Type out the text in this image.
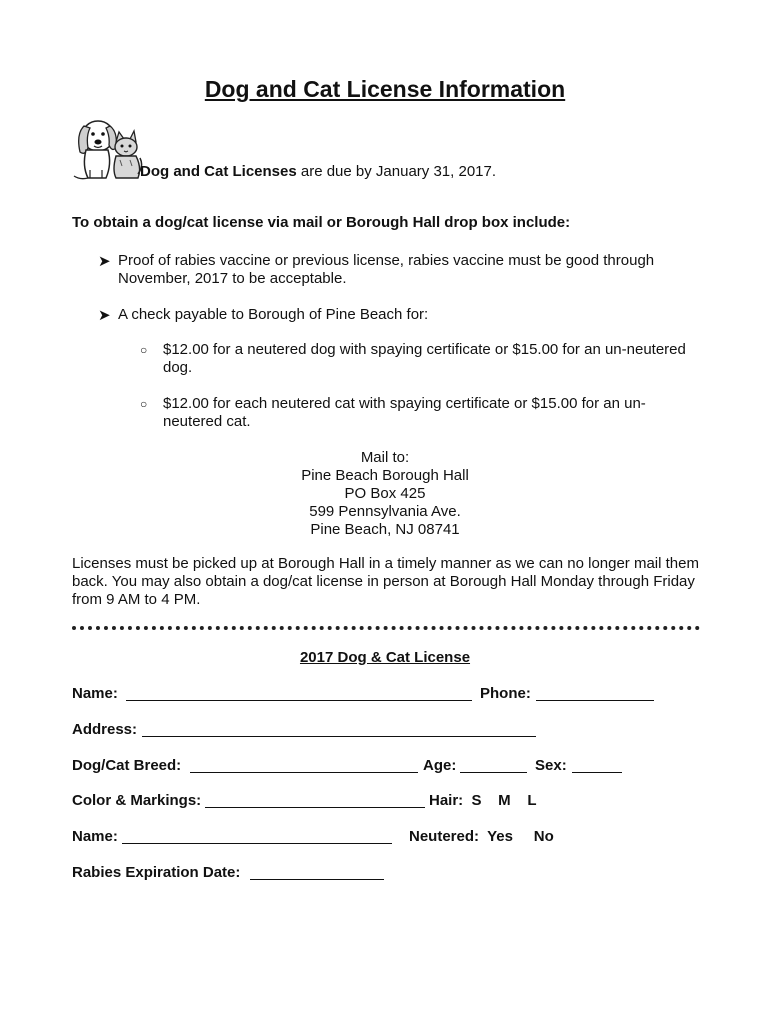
Dog and Cat License Information
Dog and Cat Licenses are due by January 31, 2017.
To obtain a dog/cat license via mail or Borough Hall drop box include:
➤ Proof of rabies vaccine or previous license, rabies vaccine must be good through November, 2017 to be acceptable.
➤ A check payable to Borough of Pine Beach for:
○ $12.00 for a neutered dog with spaying certificate or $15.00 for an un-neutered dog.
○ $12.00 for each neutered cat with spaying certificate or $15.00 for an un-neutered cat.
Mail to:
Pine Beach Borough Hall
PO Box 425
599 Pennsylvania Ave.
Pine Beach, NJ 08741
Licenses must be picked up at Borough Hall in a timely manner as we can no longer mail them back. You may also obtain a dog/cat license in person at Borough Hall Monday through Friday from 9 AM to 4 PM.
2017 Dog & Cat License
Name:	Phone:
Address:
Dog/Cat Breed:	Age:	Sex:
Color & Markings:	Hair:  S    M    L
Name:	Neutered:  Yes     No
Rabies Expiration Date:
